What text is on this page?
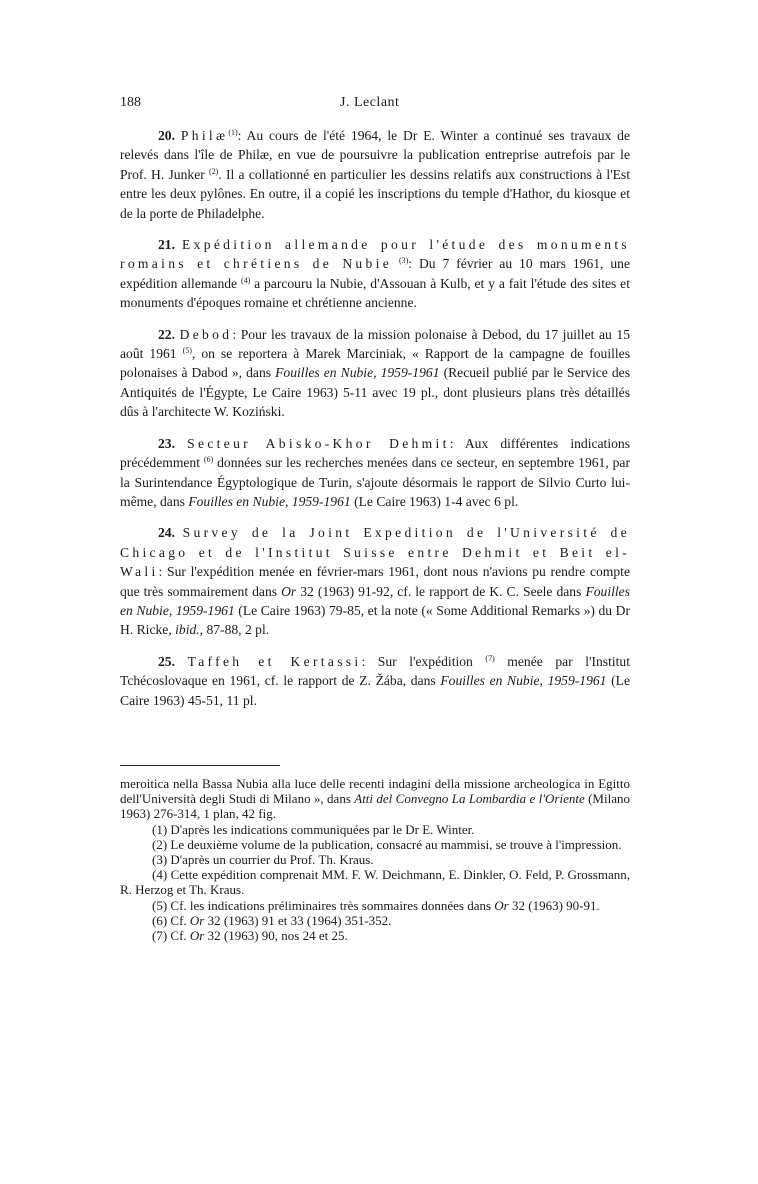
188	J. Leclant

20. Philæ$^{(1)}$: Au cours de l'été 1964, le Dr E. Winter a continué ses travaux de relevés dans l'île de Philæ, en vue de poursuivre la publication entreprise autrefois par le Prof. H. Junker $^{(2)}$. Il a collationné en particulier les dessins relatifs aux constructions à l'Est entre les deux pylônes. En outre, il a copié les inscriptions du temple d'Hathor, du kiosque et de la porte de Philadelphe.

21. Expédition allemande pour l'étude des monuments romains et chrétiens de Nubie $^{(3)}$: Du 7 février au 10 mars 1961, une expédition allemande $^{(4)}$ a parcouru la Nubie, d'Assouan à Kulb, et y a fait l'étude des sites et monuments d'époques romaine et chrétienne ancienne.

22. Debod: Pour les travaux de la mission polonaise à Debod, du 17 juillet au 15 août 1961 $^{(5)}$, on se reportera à Marek Marciniak, « Rapport de la campagne de fouilles polonaises à Dabod », dans Fouilles en Nubie, 1959-1961 (Recueil publié par le Service des Antiquités de l'Égypte, Le Caire 1963) 5-11 avec 19 pl., dont plusieurs plans très détaillés dûs à l'architecte W. Koziński.

23. Secteur Abisko-Khor Dehmit: Aux différentes indications précédemment $^{(6)}$ données sur les recherches menées dans ce secteur, en septembre 1961, par la Surintendance Égyptologique de Turin, s'ajoute désormais le rapport de Silvio Curto lui-même, dans Fouilles en Nubie, 1959-1961 (Le Caire 1963) 1-4 avec 6 pl.

24. Survey de la Joint Expedition de l'Université de Chicago et de l'Institut Suisse entre Dehmit et Beit el-Wali: Sur l'expédition menée en février-mars 1961, dont nous n'avions pu rendre compte que très sommairement dans Or 32 (1963) 91-92, cf. le rapport de K. C. Seele dans Fouilles en Nubie, 1959-1961 (Le Caire 1963) 79-85, et la note (« Some Additional Remarks ») du Dr H. Ricke, ibid., 87-88, 2 pl.

25. Taffeh et Kertassi: Sur l'expédition $^{(7)}$ menée par l'Institut Tchécoslovaque en 1961, cf. le rapport de Z. Žába, dans Fouilles en Nubie, 1959-1961 (Le Caire 1963) 45-51, 11 pl.

meroitica nella Bassa Nubia alla luce delle recenti indagini della missione archeologica in Egitto dell'Università degli Studi di Milano », dans Atti del Convegno La Lombardia e l'Oriente (Milano 1963) 276-314, 1 plan, 42 fig.

(1) D'après les indications communiquées par le Dr E. Winter.

(2) Le deuxième volume de la publication, consacré au mammisi, se trouve à l'impression.

(3) D'après un courrier du Prof. Th. Kraus.

(4) Cette expédition comprenait MM. F. W. Deichmann, E. Dinkler, O. Feld, P. Grossmann, R. Herzog et Th. Kraus.

(5) Cf. les indications préliminaires très sommaires données dans Or 32 (1963) 90-91.

(6) Cf. Or 32 (1963) 91 et 33 (1964) 351-352.

(7) Cf. Or 32 (1963) 90, nos 24 et 25.
